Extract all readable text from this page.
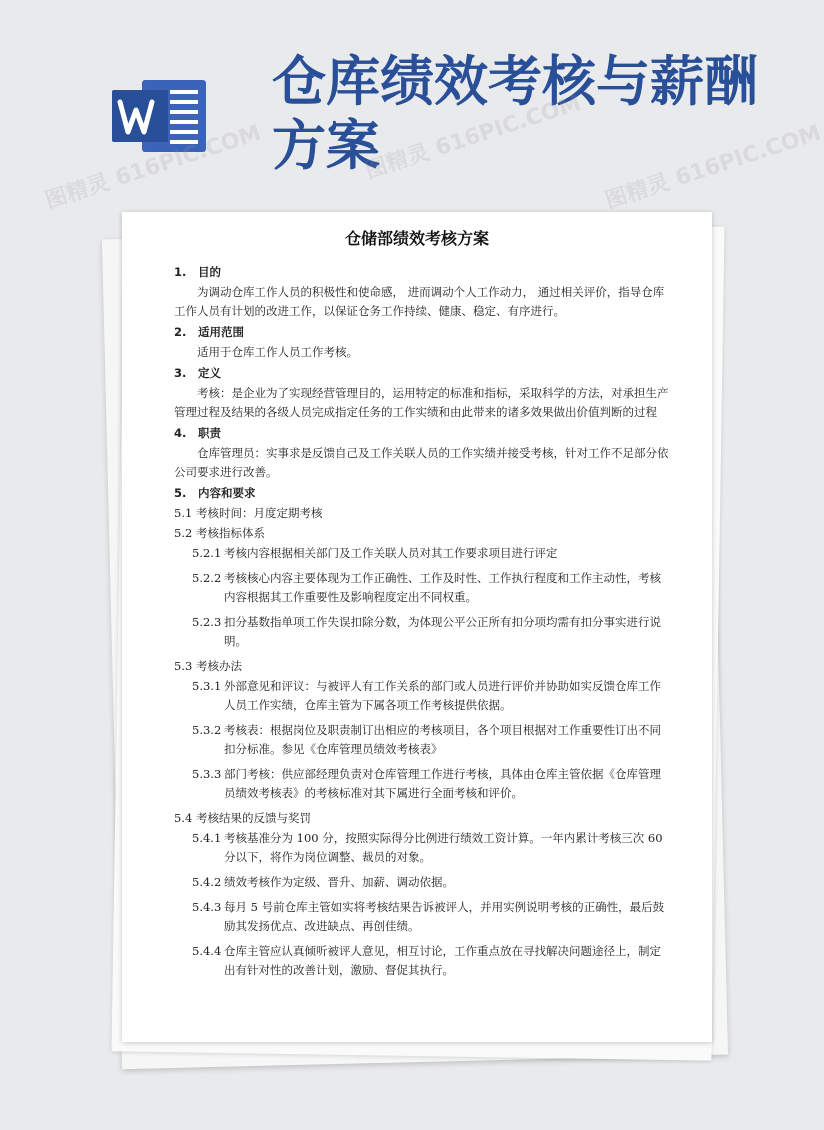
仓库绩效考核与薪酬方案
图精灵 616PIC.COM	图精灵 616PIC.COM 图精灵 616PIC.COM
仓储部绩效考核方案
1.	目的

为调动仓库工作人员的积极性和使命感， 进而调动个人工作动力， 通过相关评价，指导仓库工作人员有计划的改进工作，以保证仓务工作持续、健康、稳定、有序进行。

2.	适用范围

适用于仓库工作人员工作考核。

3.	定义

考核：是企业为了实现经营管理目的，运用特定的标准和指标，采取科学的方法，对承担生产管理过程及结果的各级人员完成指定任务的工作实绩和由此带来的诸多效果做出价值判断的过程

4.	职责

仓库管理员：实事求是反馈自己及工作关联人员的工作实绩并接受考核，针对工作不足部分依公司要求进行改善。

5.	内容和要求
5.1 考核时间：月度定期考核
5.2 考核指标体系
5.2.1 考核内容根据相关部门及工作关联人员对其工作要求项目进行评定
5.2.2 考核核心内容主要体现为工作正确性、工作及时性、工作执行程度和工作主动性，考核内容根据其工作重要性及影响程度定出不同权重。
5.2.3 扣分基数指单项工作失误扣除分数，为体现公平公正所有扣分项均需有扣分事实进行说明。
5.3 考核办法
5.3.1 外部意见和评议：与被评人有工作关系的部门或人员进行评价并协助如实反馈仓库工作人员工作实绩，仓库主管为下属各项工作考核提供依据。
5.3.2 考核表：根据岗位及职责制订出相应的考核项目，各个项目根据对工作重要性订出不同扣分标准。参见《仓库管理员绩效考核表》
5.3.3 部门考核：供应部经理负责对仓库管理工作进行考核，具体由仓库主管依据《仓库管理员绩效考核表》的考核标准对其下属进行全面考核和评价。
5.4 考核结果的反馈与奖罚
5.4.1 考核基准分为 100 分，按照实际得分比例进行绩效工资计算。一年内累计考核三次 60 分以下，将作为岗位调整、裁员的对象。
5.4.2 绩效考核作为定级、晋升、加薪、调动依据。
5.4.3 每月 5 号前仓库主管如实将考核结果告诉被评人，并用实例说明考核的正确性，最后鼓励其发扬优点、改进缺点、再创佳绩。
5.4.4 仓库主管应认真倾听被评人意见，相互讨论，工作重点放在寻找解决问题途径上，制定出有针对性的改善计划，激励、督促其执行。
